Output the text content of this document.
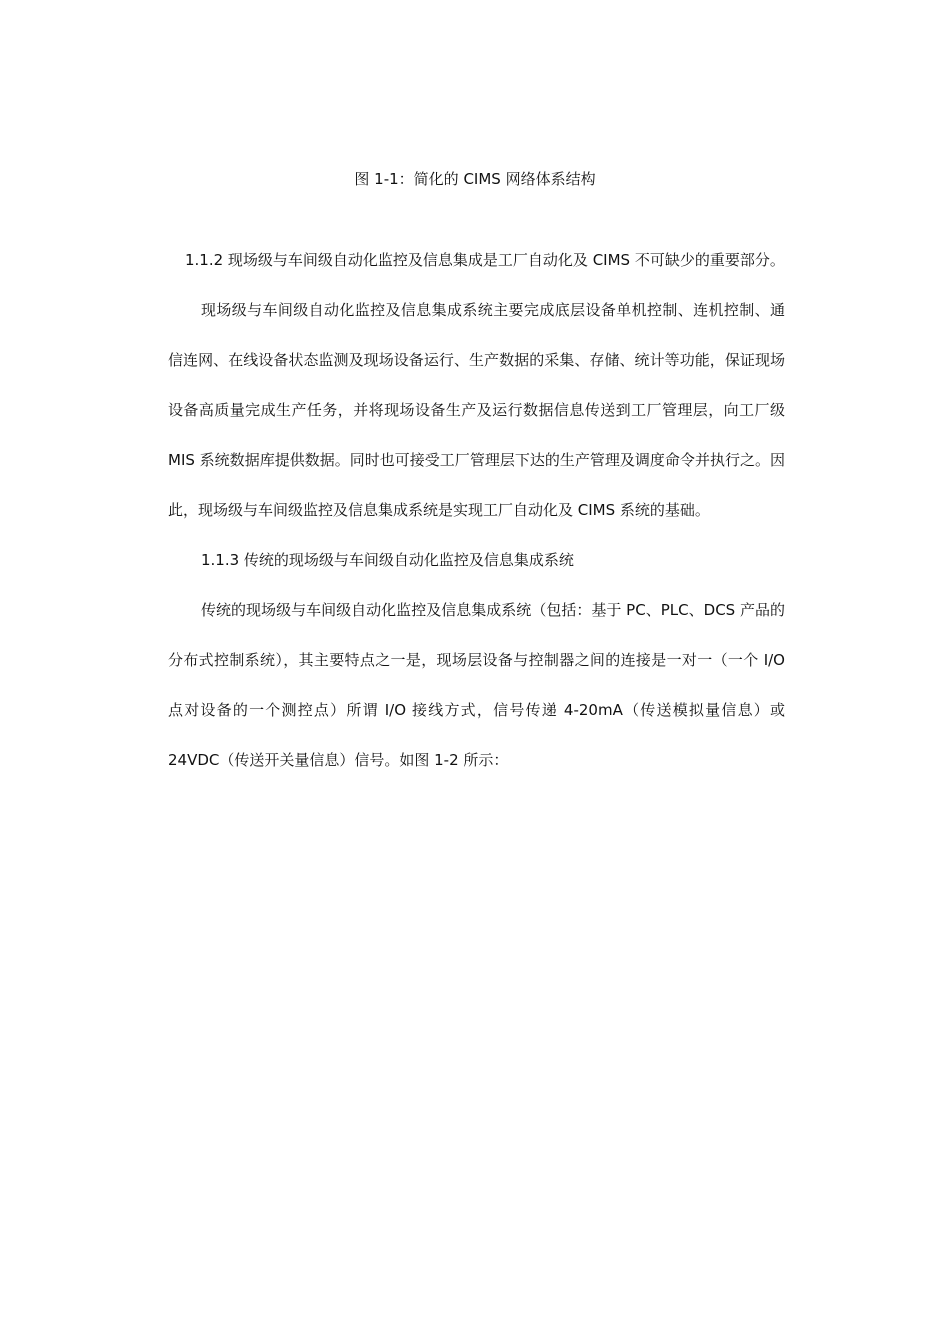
图 1-1：简化的 CIMS 网络体系结构

1.1.2 现场级与车间级自动化监控及信息集成是工厂自动化及 CIMS 不可缺少的重要部分。

现场级与车间级自动化监控及信息集成系统主要完成底层设备单机控制、连机控制、通信连网、在线设备状态监测及现场设备运行、生产数据的采集、存储、统计等功能，保证现场设备高质量完成生产任务，并将现场设备生产及运行数据信息传送到工厂管理层，向工厂级 MIS 系统数据库提供数据。同时也可接受工厂管理层下达的生产管理及调度命令并执行之。因此，现场级与车间级监控及信息集成系统是实现工厂自动化及 CIMS 系统的基础。

1.1.3 传统的现场级与车间级自动化监控及信息集成系统

传统的现场级与车间级自动化监控及信息集成系统（包括：基于 PC、PLC、DCS 产品的分布式控制系统），其主要特点之一是，现场层设备与控制器之间的连接是一对一（一个 I/O 点对设备的一个测控点）所谓 I/O 接线方式，信号传递 4-20mA（传送模拟量信息）或 24VDC（传送开关量信息）信号。如图 1-2 所示：
